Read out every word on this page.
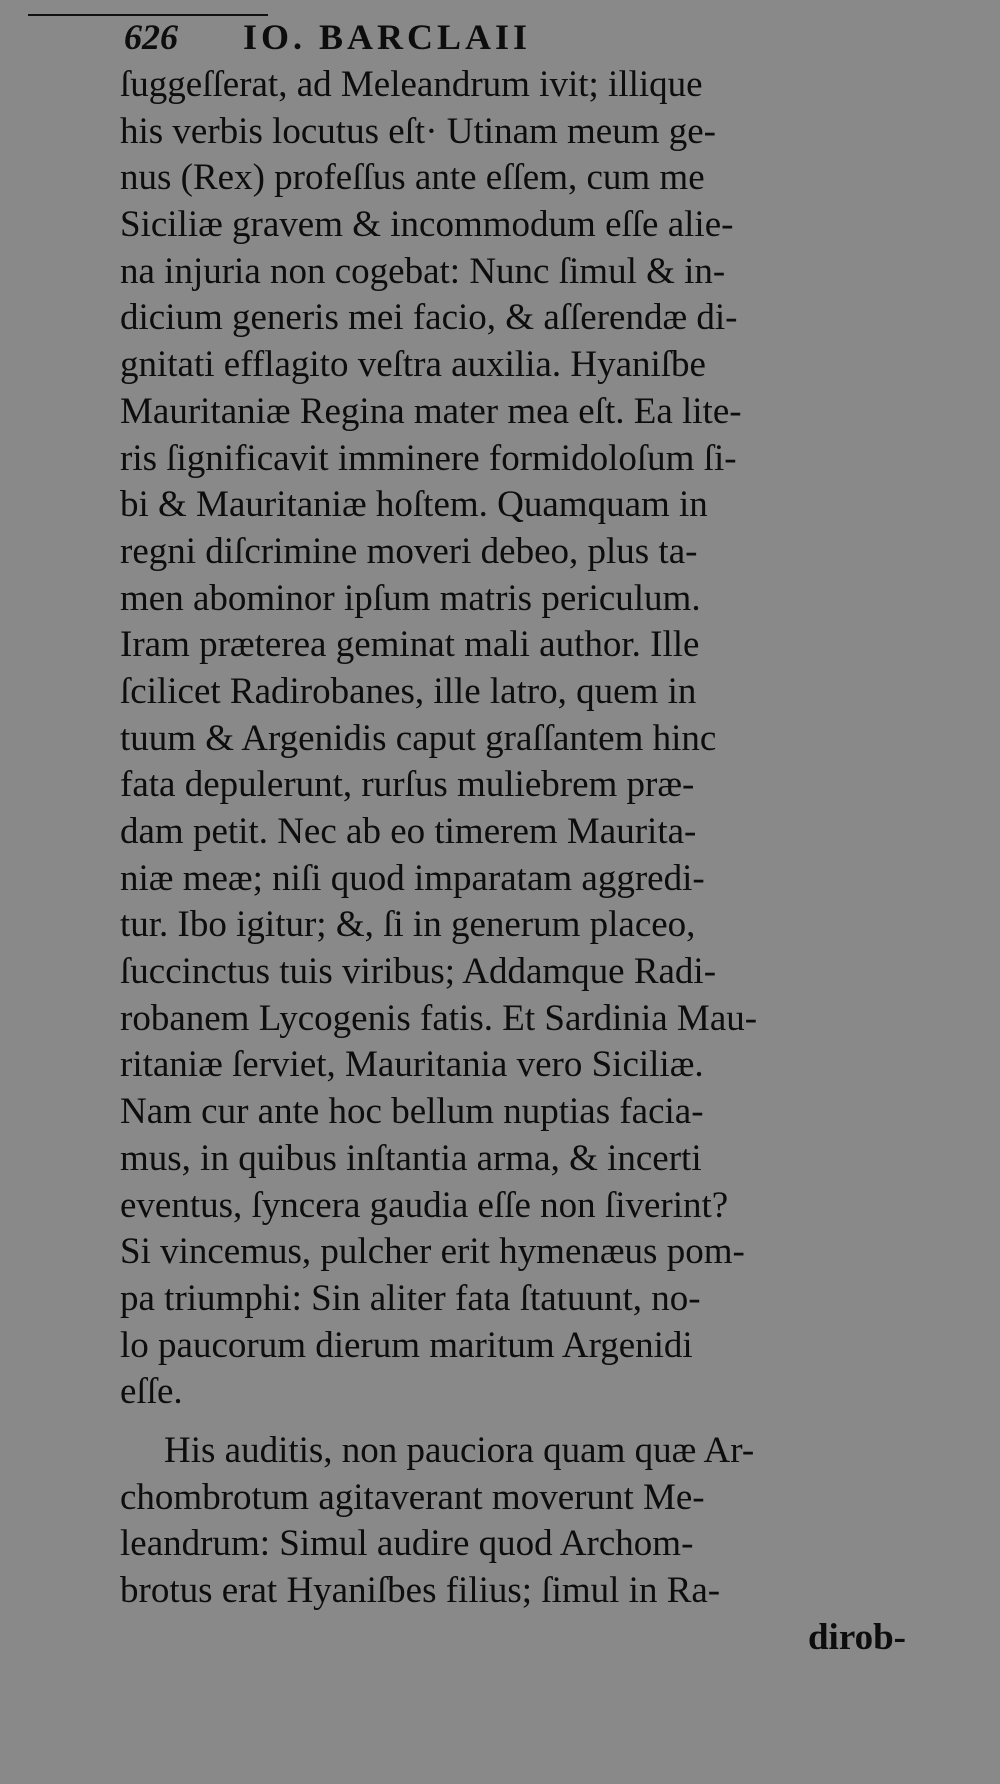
626 IO. BARCLAII
ſuggeſſerat, ad Meleandrum ivit; illique
his verbis locutus eſt· Utinam meum ge-
nus (Rex) profeſſus ante eſſem, cum me
Siciliæ gravem & incommodum eſſe alie-
na injuria non cogebat: Nunc ſimul & in-
dicium generis mei facio, & aſſerendæ di-
gnitati efflagito veſtra auxilia. Hyaniſbe
Mauritaniæ Regina mater mea eſt. Ea lite-
ris ſignificavit imminere formidoloſum ſi-
bi & Mauritaniæ hoſtem. Quamquam in
regni diſcrimine moveri debeo, plus ta-
men abominor ipſum matris periculum.
Iram præterea geminat mali author. Ille
ſcilicet Radirobanes, ille latro, quem in
tuum & Argenidis caput graſſantem hinc
fata depulerunt, rurſus muliebrem præ-
dam petit. Nec ab eo timerem Maurita-
niæ meæ; niſi quod imparatam aggredi-
tur. Ibo igitur; &, ſi in generum placeo,
ſuccinctus tuis viribus; Addamque Radi-
robanem Lycogenis fatis. Et Sardinia Mau-
ritaniæ ſerviet, Mauritania vero Siciliæ.
Nam cur ante hoc bellum nuptias facia-
mus, in quibus inſtantia arma, & incerti
eventus, ſyncera gaudia eſſe non ſiverint?
Si vincemus, pulcher erit hymenæus pom-
pa triumphi: Sin aliter fata ſtatuunt, no-
lo paucorum dierum maritum Argenidi
eſſe.
His auditis, non pauciora quam quæ Ar-
chombrotum agitaverant moverunt Me-
leandrum: Simul audire quod Archom-
brotus erat Hyaniſbes filius; ſimul in Ra-
dirob-
